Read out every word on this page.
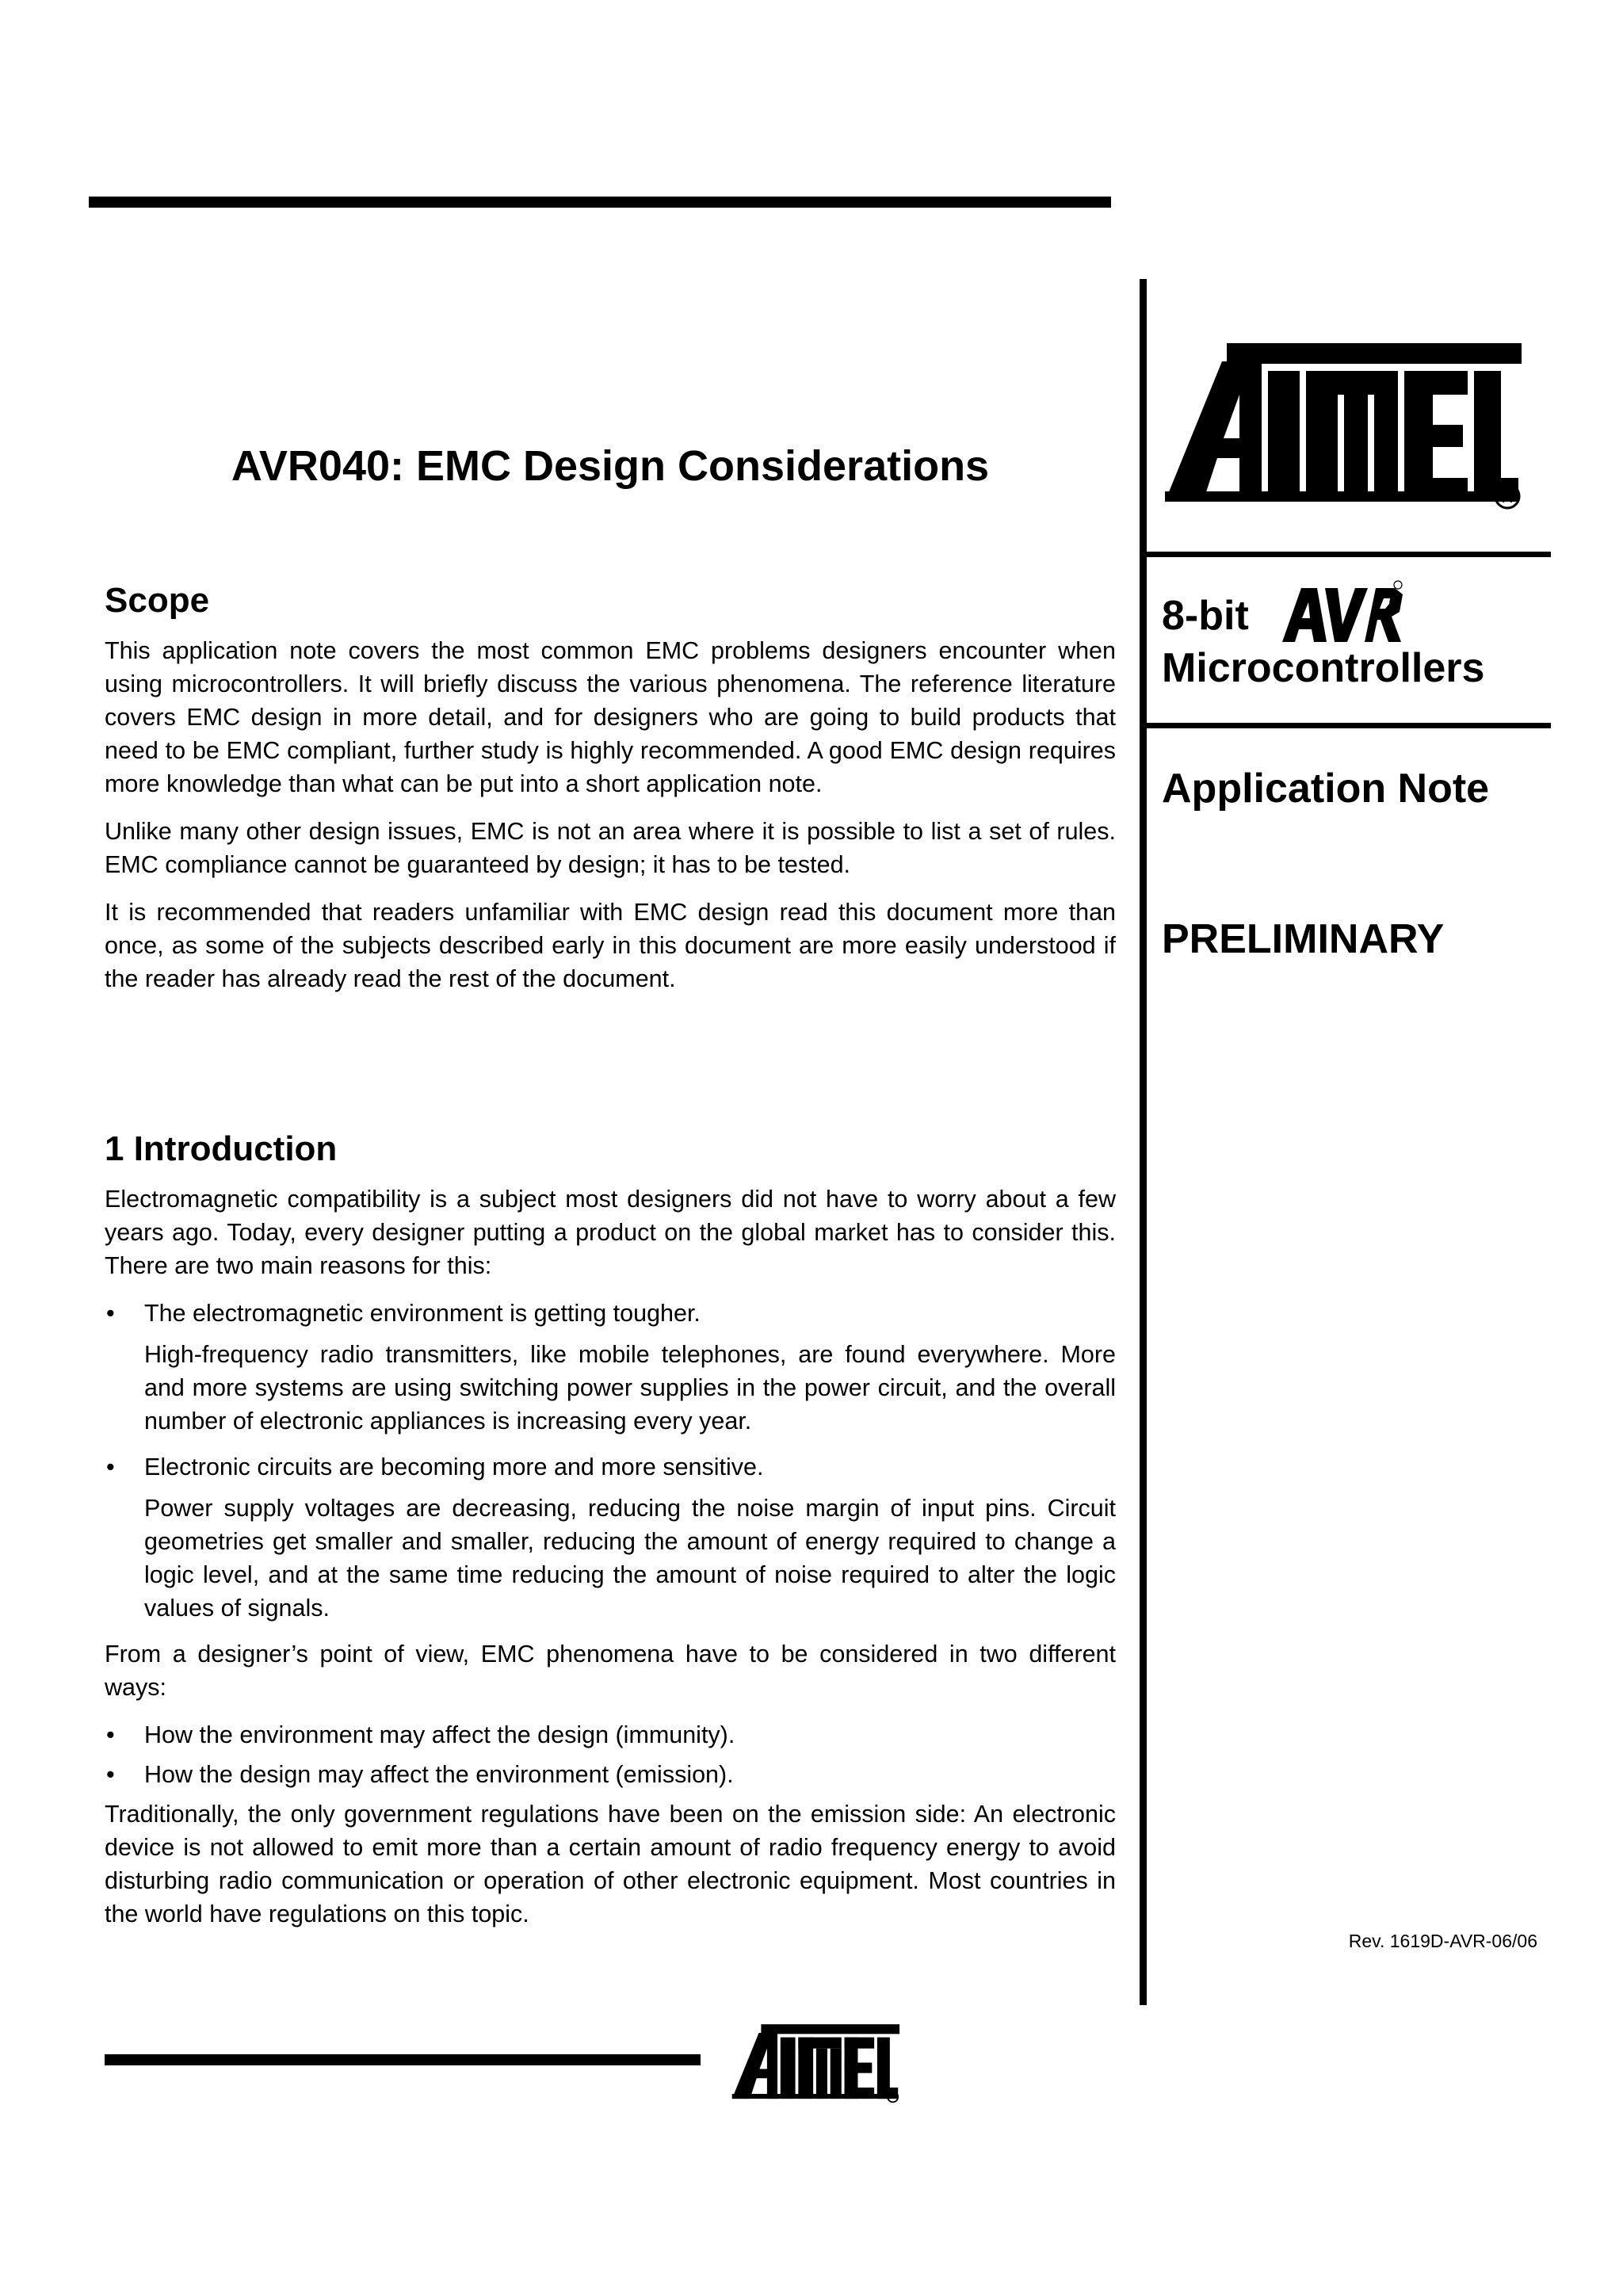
R
8-bit
Microcontrollers
Application Note
PRELIMINARY
Rev. 1619D-AVR-06/06
AVR040: EMC Design Considerations
Scope

This application note covers the most common EMC problems designers encounter when using microcontrollers. It will briefly discuss the various phenomena. The reference literature covers EMC design in more detail, and for designers who are going to build products that need to be EMC compliant, further study is highly recommended. A good EMC design requires more knowledge than what can be put into a short application note.

Unlike many other design issues, EMC is not an area where it is possible to list a set of rules. EMC compliance cannot be guaranteed by design; it has to be tested.

It is recommended that readers unfamiliar with EMC design read this document more than once, as some of the subjects described early in this document are more easily understood if the reader has already read the rest of the document.

1 Introduction

Electromagnetic compatibility is a subject most designers did not have to worry about a few years ago. Today, every designer putting a product on the global market has to consider this. There are two main reasons for this:

• The electromagnetic environment is getting tougher.

High-frequency radio transmitters, like mobile telephones, are found everywhere. More and more systems are using switching power supplies in the power circuit, and the overall number of electronic appliances is increasing every year.

• Electronic circuits are becoming more and more sensitive.

Power supply voltages are decreasing, reducing the noise margin of input pins. Circuit geometries get smaller and smaller, reducing the amount of energy required to change a logic level, and at the same time reducing the amount of noise required to alter the logic values of signals.

From a designer’s point of view, EMC phenomena have to be considered in two different ways:

• How the environment may affect the design (immunity).
• How the design may affect the environment (emission).

Traditionally, the only government regulations have been on the emission side: An electronic device is not allowed to emit more than a certain amount of radio frequency energy to avoid disturbing radio communication or operation of other electronic equipment. Most countries in the world have regulations on this topic.
